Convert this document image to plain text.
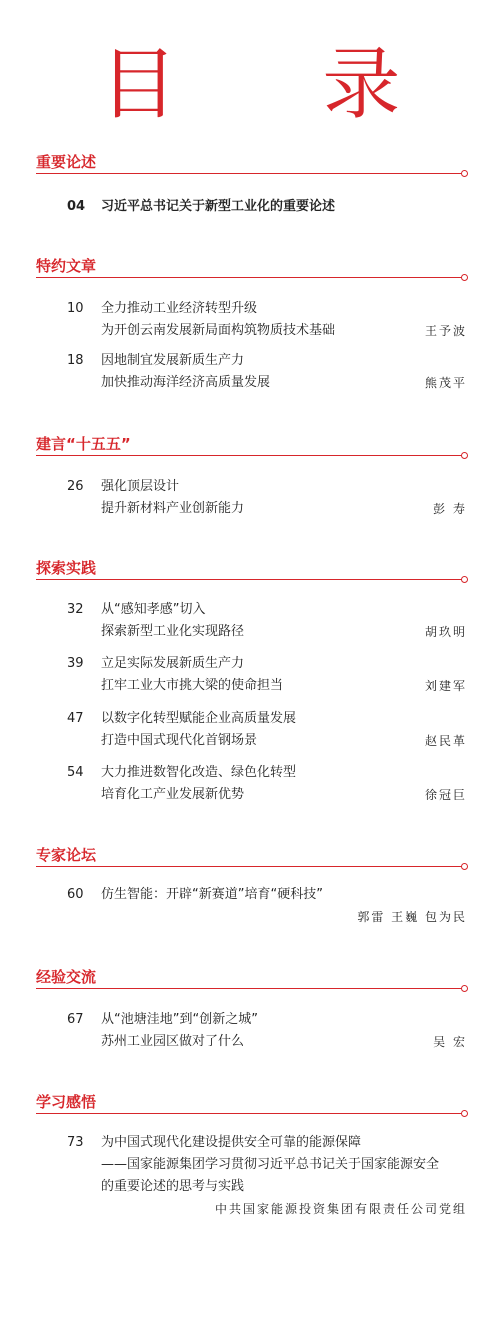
目 录
重要论述
04	习近平总书记关于新型工业化的重要论述
特约文章
10	全力推动工业经济转型升级
为开创云南发展新局面构筑物质技术基础	王予波
18	因地制宜发展新质生产力
加快推动海洋经济高质量发展	熊茂平
建言“十五五”
26	强化顶层设计
提升新材料产业创新能力	彭 寿
探索实践
32	从“感知孝感”切入
探索新型工业化实现路径	胡玖明
39	立足实际发展新质生产力
扛牢工业大市挑大梁的使命担当	刘建军
47	以数字化转型赋能企业高质量发展
打造中国式现代化首钢场景	赵民革
54	大力推进数智化改造、绿色化转型
培育化工产业发展新优势	徐冠巨
专家论坛
60	仿生智能：开辟“新赛道”培育“硬科技”
郭雷 王巍 包为民
经验交流
67	从“池塘洼地”到“创新之城”
苏州工业园区做对了什么	吴 宏
学习感悟
73	为中国式现代化建设提供安全可靠的能源保障
——国家能源集团学习贯彻习近平总书记关于国家能源安全
的重要论述的思考与实践
中共国家能源投资集团有限责任公司党组
